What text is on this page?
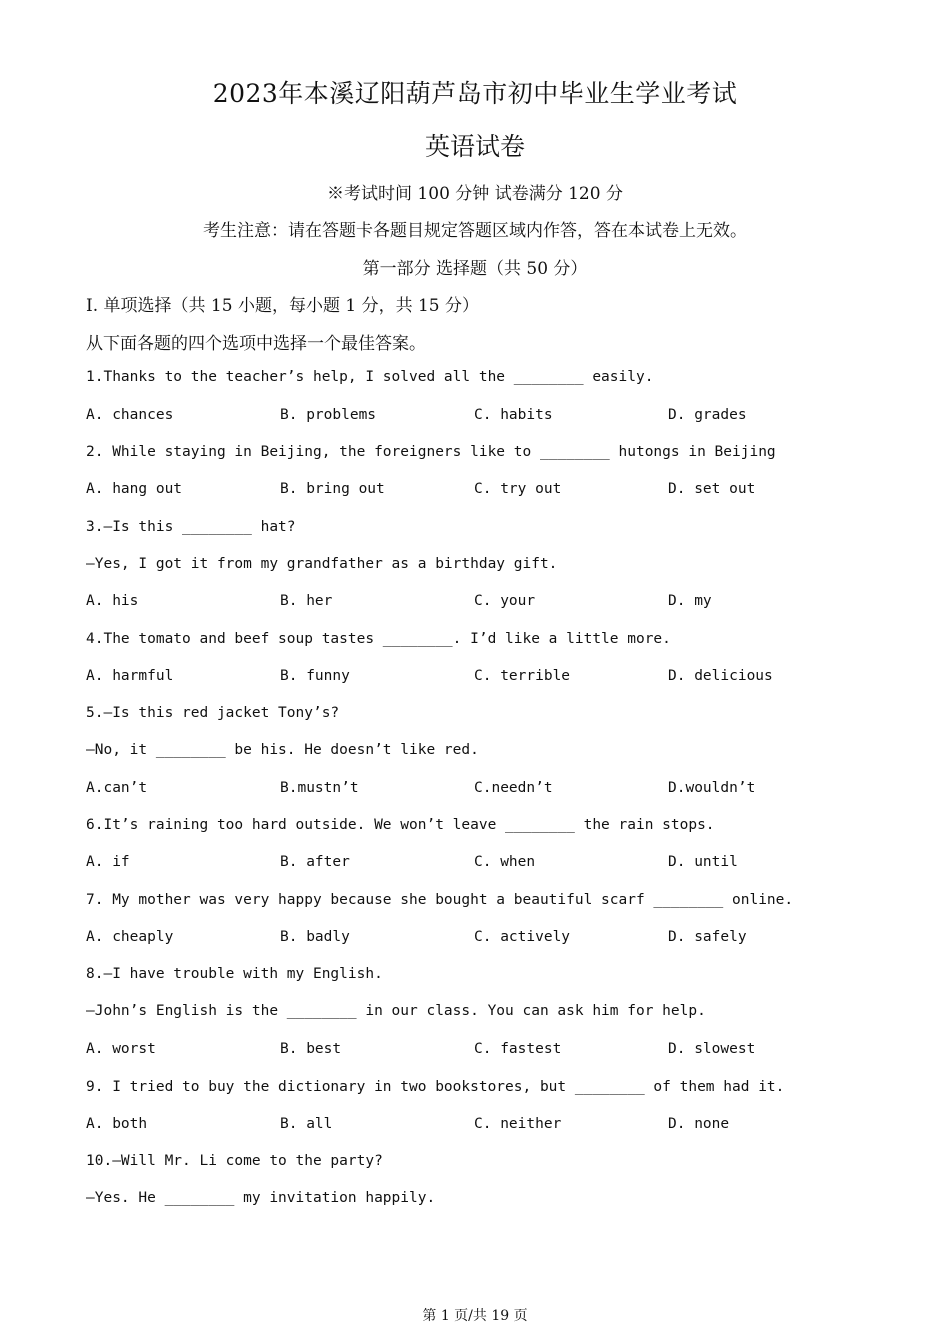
2023年本溪辽阳葫芦岛市初中毕业生学业考试
英语试卷
※考试时间 100 分钟 试卷满分 120 分
考生注意：请在答题卡各题目规定答题区域内作答，答在本试卷上无效。
第一部分 选择题（共 50 分）
Ⅰ. 单项选择（共 15 小题，每小题 1 分，共 15 分）
从下面各题的四个选项中选择一个最佳答案。
1.Thanks to the teacher’s help, I solved all the ________ easily.
A. chances	B. problems	C. habits	D. grades
2. While staying in Beijing, the foreigners like to ________ hutongs in Beijing
A. hang out	B. bring out	C. try out	D. set out
3.—Is this ________ hat?
—Yes, I got it from my grandfather as a birthday gift.
A. his	B. her	C. your	D. my
4.The tomato and beef soup tastes ________. I’d like a little more.
A. harmful	B. funny	C. terrible	D. delicious
5.—Is this red jacket Tony’s?
—No, it ________ be his. He doesn’t like red.
A.can’t	B.mustn’t	C.needn’t	D.wouldn’t
6.It’s raining too hard outside. We won’t leave ________ the rain stops.
A. if	B. after	C. when	D. until
7. My mother was very happy because she bought a beautiful scarf ________ online.
A. cheaply	B. badly	C. actively	D. safely
8.—I have trouble with my English.
—John’s English is the ________ in our class. You can ask him for help.
A. worst	B. best	C. fastest	D. slowest
9. I tried to buy the dictionary in two bookstores, but ________ of them had it.
A. both	B. all	C. neither	D. none
10.—Will Mr. Li come to the party?
—Yes. He ________ my invitation happily.
第 1 页/共 19 页
